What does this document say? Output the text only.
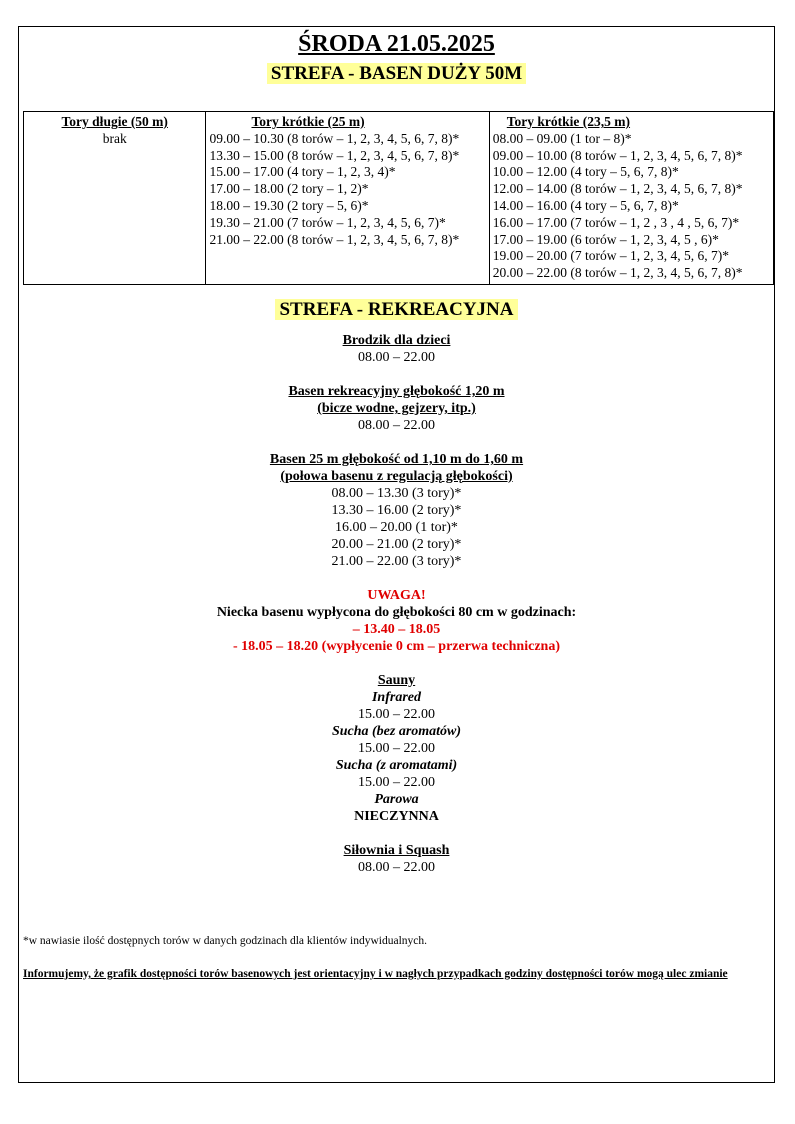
ŚRODA 21.05.2025
STREFA - BASEN DUŻY 50M
Tory długie (50 m)
brak

Tory krótkie (25 m)
09.00 – 10.30 (8 torów – 1, 2, 3, 4, 5, 6, 7, 8)*
13.30 – 15.00 (8 torów – 1, 2, 3, 4, 5, 6, 7, 8)*
15.00 – 17.00 (4 tory – 1, 2, 3, 4)*
17.00 – 18.00 (2 tory – 1, 2)*
18.00 – 19.30 (2 tory – 5, 6)*
19.30 – 21.00 (7 torów – 1, 2, 3, 4, 5, 6, 7)*
21.00 – 22.00 (8 torów – 1, 2, 3, 4, 5, 6, 7, 8)*

Tory krótkie (23,5 m)
08.00 – 09.00 (1 tor – 8)*
09.00 – 10.00 (8 torów – 1, 2, 3, 4, 5, 6, 7, 8)*
10.00 – 12.00 (4 tory – 5, 6, 7, 8)*
12.00 – 14.00 (8 torów – 1, 2, 3, 4, 5, 6, 7, 8)*
14.00 – 16.00 (4 tory – 5, 6, 7, 8)*
16.00 – 17.00 (7 torów – 1, 2 , 3 , 4 , 5, 6, 7)*
17.00 – 19.00 (6 torów – 1, 2, 3, 4, 5 , 6)*
19.00 – 20.00 (7 torów – 1, 2, 3, 4, 5, 6, 7)*
20.00 – 22.00 (8 torów – 1, 2, 3, 4, 5, 6, 7, 8)*
STREFA - REKREACYJNA
Brodzik dla dzieci
08.00 – 22.00
Basen rekreacyjny głębokość 1,20 m
(bicze wodne, gejzery, itp.)
08.00 – 22.00
Basen 25 m głębokość od 1,10 m do 1,60 m
(połowa basenu z regulacją głębokości)
08.00 – 13.30 (3 tory)*
13.30 – 16.00 (2 tory)*
16.00 – 20.00 (1 tor)*
20.00 – 21.00 (2 tory)*
21.00 – 22.00 (3 tory)*
UWAGA!
Niecka basenu wypłycona do głębokości 80 cm w godzinach:
– 13.40 – 18.05
- 18.05 – 18.20 (wypłycenie 0 cm – przerwa techniczna)
Sauny
Infrared
15.00 – 22.00
Sucha (bez aromatów)
15.00 – 22.00
Sucha (z aromatami)
15.00 – 22.00
Parowa
NIECZYNNA
Siłownia i Squash
08.00 – 22.00
*w nawiasie ilość dostępnych torów w danych godzinach dla klientów indywidualnych.
Informujemy, że grafik dostępności torów basenowych jest orientacyjny i w nagłych przypadkach godziny dostępności torów mogą ulec zmianie
